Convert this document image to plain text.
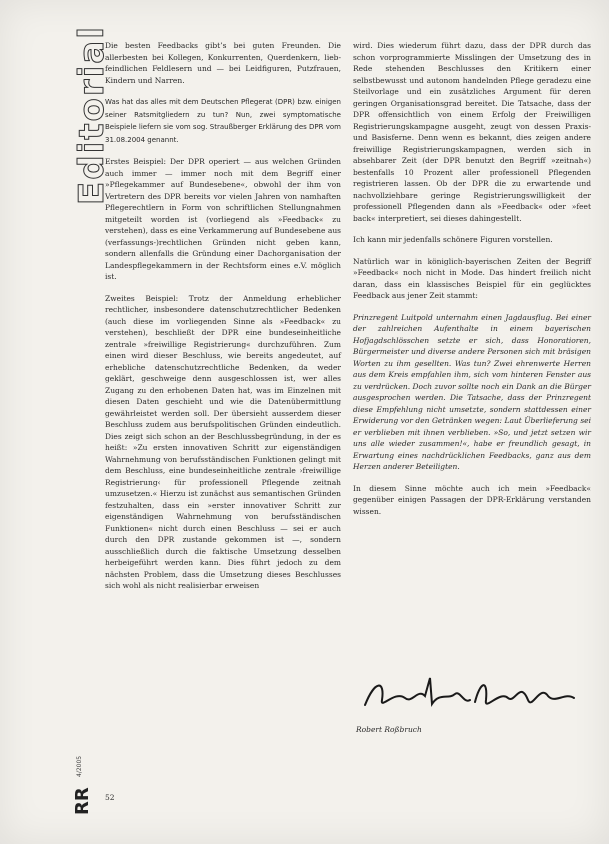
Editorial

Die besten Feedbacks gibt’s bei guten Freunden. Die allerbesten bei Kollegen, Konkurrenten, Querdenkern, lieb-feindlichen Feldlesern und — bei Leidfiguren, Putzfrauen, Kindern und Narren.

Was hat das alles mit dem Deutschen Pflegerat (DPR) bzw. einigen seiner Ratsmitgliedern zu tun? Nun, zwei symptomatische Beispiele liefern sie vom sog. Straußberger Erklärung des DPR vom 31.08.2004 genannt.

Erstes Beispiel: Der DPR operiert — aus welchen Gründen auch immer — immer noch mit dem Begriff einer »Pflegekammer auf Bundesebene«, obwohl der ihm von Vertretern des DPR bereits vor vielen Jahren von namhaften Pflegerechtlern in Form von schriftlichen Stellungnahmen mitgeteilt worden ist (vorliegend als »Feedback« zu verstehen), dass es eine Verkammerung auf Bundesebene aus (verfassungs-)rechtlichen Gründen nicht geben kann, sondern allenfalls die Gründung einer Dachorganisation der Landespflegekammern in der Rechtsform eines e.V. möglich ist.

Zweites Beispiel: Trotz der Anmeldung erheblicher rechtlicher, insbesondere datenschutzrechtlicher Bedenken (auch diese im vorliegenden Sinne als »Feedback« zu verstehen), beschließt der DPR eine bundeseinheitliche zentrale »freiwillige Registrierung« durchzuführen. Zum einen wird dieser Beschluss, wie bereits angedeutet, auf erhebliche datenschutzrechtliche Bedenken, da weder geklärt, geschweige denn ausgeschlossen ist, wer alles Zugang zu den erhobenen Daten hat, was im Einzelnen mit diesen Daten geschieht und wie die Datenübermittlung gewährleistet werden soll. Der übersieht ausserdem dieser Beschluss zudem aus berufspolitischen Gründen eindeutlich. Dies zeigt sich schon an der Beschlussbegründung, in der es heißt: »Zu ersten innovativen Schritt zur eigenständigen Wahrnehmung von berufsständischen Funktionen gelingt mit dem Beschluss, eine bundeseinheitliche zentrale ›freiwillige Registrierung‹ für professionell Pflegende zeitnah umzusetzen.« Hierzu ist zunächst aus semantischen Gründen festzuhalten, dass ein »erster innovativer Schritt zur eigenständigen Wahrnehmung von berufsständischen Funktionen« nicht durch einen Beschluss — sei er auch durch den DPR zustande gekommen ist —, sondern ausschließlich durch die faktische Umsetzung desselben herbeigeführt werden kann. Dies führt jedoch zu dem nächsten Problem, dass die Umsetzung dieses Beschlusses sich wohl als nicht realisierbar erweisen

wird. Dies wiederum führt dazu, dass der DPR durch das schon vorprogrammierte Misslingen der Umsetzung des in Rede stehenden Beschlusses den Kritikern einer selbstbewusst und autonom handelnden Pflege geradezu eine Steilvorlage und ein zusätzliches Argument für deren geringen Organisationsgrad bereitet. Die Tatsache, dass der DPR offensichtlich von einem Erfolg der Freiwilligen Registrierungskampagne ausgeht, zeugt von dessen Praxis- und Basisferne. Denn wenn es bekannt, dies zeigen andere freiwillige Registrierungskampagnen, werden sich in absehbarer Zeit (der DPR benutzt den Begriff »zeitnah«) bestenfalls 10 Prozent aller professionell Pflegenden registrieren lassen. Ob der DPR die zu erwartende und nachvollziehbare geringe Registrierungswilligkeit der professionell Pflegenden dann als »Feedback« oder »feet back« interpretiert, sei dieses dahingestellt.

Ich kann mir jedenfalls schönere Figuren vorstellen.

Natürlich war in königlich-bayerischen Zeiten der Begriff »Feedback« noch nicht in Mode. Das hindert freilich nicht daran, dass ein klassisches Beispiel für ein geglücktes Feedback aus jener Zeit stammt:

Prinzregent Luitpold unternahm einen Jagdausflug. Bei einer der zahlreichen Aufenthalte in einem bayerischen Hofjagdschlösschen setzte er sich, dass Honoratioren, Bürgermeister und diverse andere Personen sich mit bräsigen Worten zu ihm gesellten. Was tun? Zwei ehrenwerte Herren aus dem Kreis empfahlen ihm, sich vom hinteren Fenster aus zu verdrücken. Doch zuvor sollte noch ein Dank an die Bürger ausgesprochen werden. Die Tatsache, dass der Prinzregent diese Empfehlung nicht umsetzte, sondern stattdessen einer Erwiderung vor den Getränken wegen: Laut Überlieferung sei er verblieben mit ihnen verblieben. »So, und jetzt setzen wir uns alle wieder zusammen!«, habe er freundlich gesagt, in Erwartung eines nachdrücklichen Feedbacks, ganz aus dem Herzen anderer Beteiligten.

In diesem Sinne möchte auch ich mein »Feedback« gegenüber einigen Passagen der DPR-Erklärung verstanden wissen.

Robert Roßbruch
RR
4/2005
52
